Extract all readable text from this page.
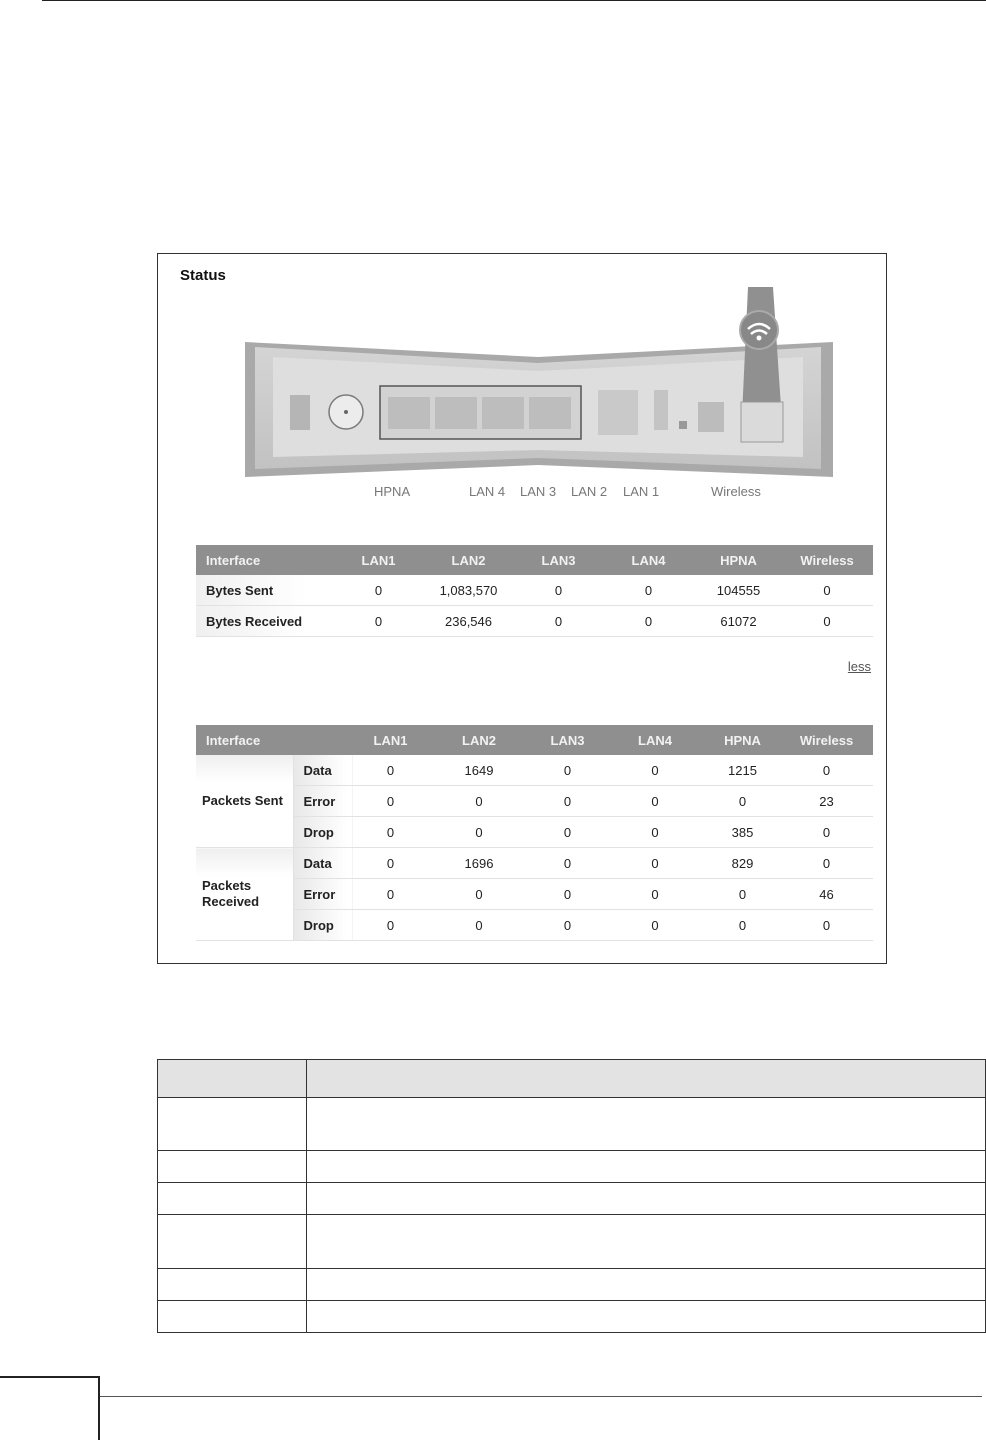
Status
HPNA	LAN 4 LAN 3 LAN 2 LAN 1	Wireless
Interface	LAN1	LAN2	LAN3	LAN4	HPNA	Wireless
Bytes Sent	0	1,083,570	0	0	104555	0
Bytes Received	0	236,546	0	0	61072	0
less
Interface		LAN1	LAN2	LAN3	LAN4	HPNA	Wireless
Packets Sent	Data	0	1649	0	0	1215	0
	Error	0	0	0	0	0	23
	Drop	0	0	0	0	385	0
Packets Received	Data	0	1696	0	0	829	0
	Error	0	0	0	0	0	46
	Drop	0	0	0	0	0	0
